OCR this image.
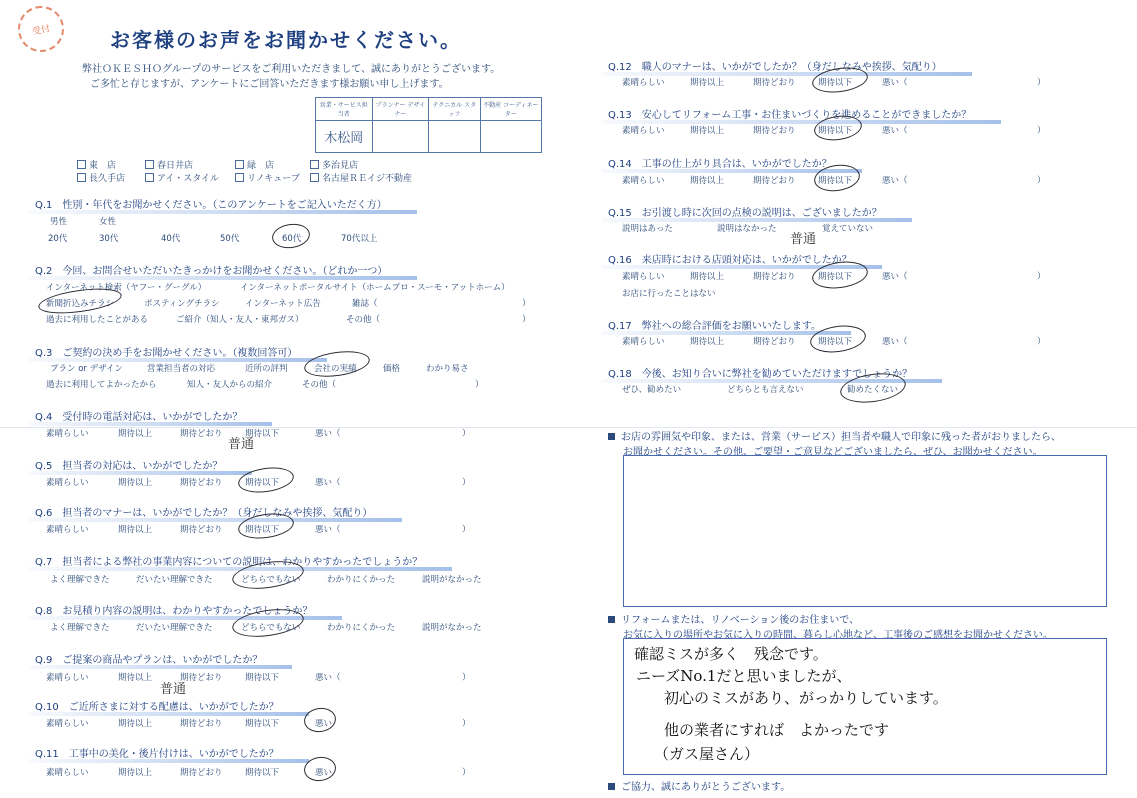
受付	お客様のお声をお聞かせください。
弊社ＯＫＥＳＨＯグループのサービスをご利用いただきまして、誠にありがとうございます。
ご多忙と存じますが、アンケートにご回答いただきます様お願い申し上げます。
営業・サービス担当者	プランナー デザイナー	テクニカル スタッフ	不動産 コーディネーター
木松岡			
東　店	春日井店	緑　店	多治見店
長久手店	アイ・スタイル	リノキューブ	名古屋ＲＥイジ不動産
Q.1　性別・年代をお聞かせください。（このアンケートをご記入いただく方）
男性	女性
20代	30代	40代	50代	60代	70代以上
Q.2　今回、お問合せいただいたきっかけをお聞かせください。（どれか一つ）
インターネット検索（ヤフー・グーグル）	インターネットポータルサイト（ホームプロ・スーモ・アットホーム）
新聞折込みチラシ	ポスティングチラシ	インターネット広告	雑誌（	）
過去に利用したことがある	ご紹介（知人・友人・東邦ガス）	その他（	）
Q.3　ご契約の決め手をお聞かせください。（複数回答可）
プラン or デザイン	営業担当者の対応	近所の評判	会社の実績	価格	わかり易さ
過去に利用してよかったから	知人・友人からの紹介	その他（	）
Q.4　受付時の電話対応は、いかがでしたか？
素晴らしい	期待以上	期待どおり	期待以下	悪い（	）
普通
Q.5　担当者の対応は、いかがでしたか？
素晴らしい	期待以上	期待どおり	期待以下	悪い（	）
Q.6　担当者のマナーは、いかがでしたか？（身だしなみや挨拶、気配り）
素晴らしい	期待以上	期待どおり	期待以下	悪い（	）
Q.7　担当者による弊社の事業内容についての説明は、わかりやすかったでしょうか？
よく理解できた	だいたい理解できた	どちらでもない	わかりにくかった	説明がなかった
Q.8　お見積り内容の説明は、わかりやすかったでしょうか？
よく理解できた	だいたい理解できた	どちらでもない	わかりにくかった	説明がなかった
Q.9　ご提案の商品やプランは、いかがでしたか？
素晴らしい	期待以上	期待どおり	期待以下	悪い（	）
普通
Q.10　ご近所さまに対する配慮は、いかがでしたか？
素晴らしい	期待以上	期待どおり	期待以下	悪い	）
Q.11　工事中の美化・後片付けは、いかがでしたか？
素晴らしい	期待以上	期待どおり	期待以下	悪い	）
Q.12　職人のマナーは、いかがでしたか？（身だしなみや挨拶、気配り）
素晴らしい	期待以上	期待どおり	期待以下	悪い（	）
Q.13　安心してリフォーム工事・お住まいづくりを進めることができましたか？
素晴らしい	期待以上	期待どおり	期待以下	悪い（	）
Q.14　工事の仕上がり具合は、いかがでしたか？
素晴らしい	期待以上	期待どおり	期待以下	悪い（	）
Q.15　お引渡し時に次回の点検の説明は、ございましたか？
説明はあった	説明はなかった	覚えていない
普通
Q.16　来店時における店頭対応は、いかがでしたか？
素晴らしい	期待以上	期待どおり	期待以下	悪い（	）
お店に行ったことはない
Q.17　弊社への総合評価をお願いいたします。
素晴らしい	期待以上	期待どおり	期待以下	悪い（	）
Q.18　今後、お知り合いに弊社を勧めていただけますでしょうか？
ぜひ、勧めたい	どちらとも言えない	勧めたくない
お店の雰囲気や印象、または、営業（サービス）担当者や職人で印象に残った者がおりましたら、
お聞かせください。その他、ご要望・ご意見などございましたら、ぜひ、お聞かせください。
リフォームまたは、リノベーション後のお住まいで、
お気に入りの場所やお気に入りの時間、暮らし心地など、工事後のご感想をお聞かせください。
確認ミスが多く　残念です。
ニーズNo.1だと思いましたが、
初心のミスがあり、がっかりしています。
他の業者にすれば　よかったです
（ガス屋さん）
ご協力、誠にありがとうございます。
